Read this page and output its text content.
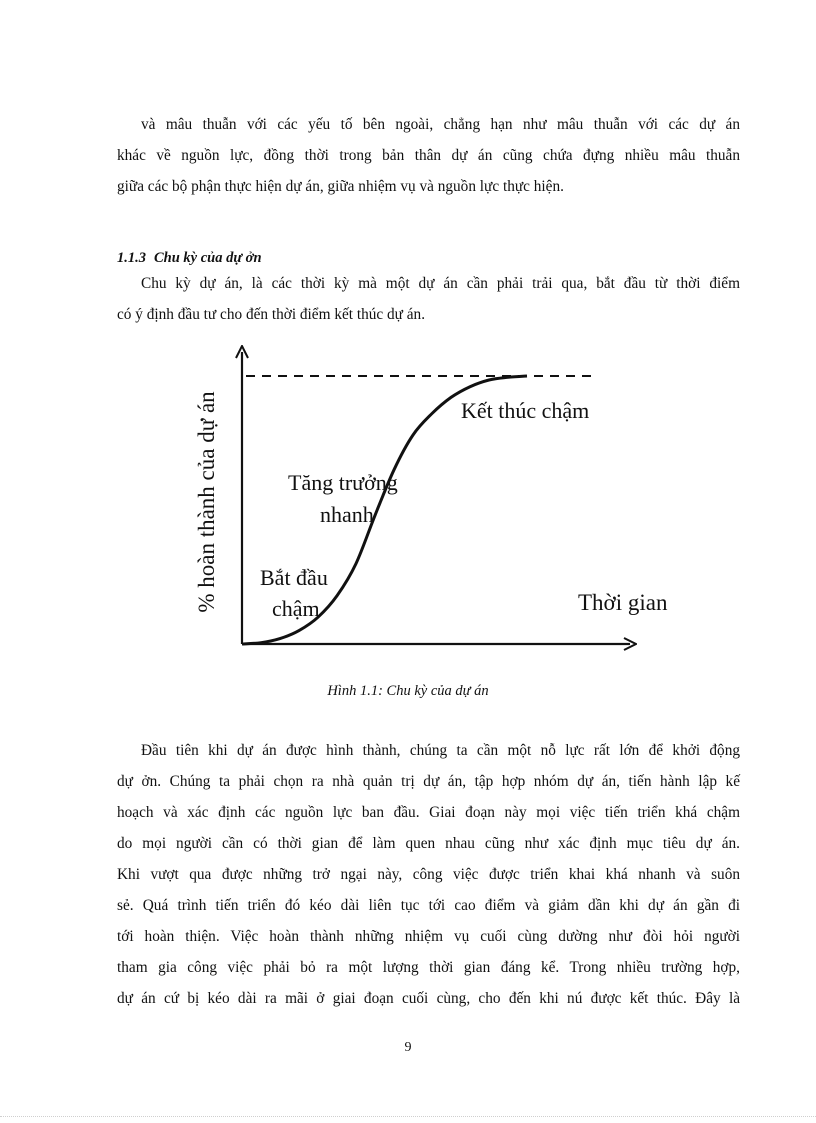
và mâu thuẫn với các yếu tố bên ngoài, chẳng hạn như mâu thuẫn với các dự án
khác về nguồn lực, đồng thời trong bản thân dự án cũng chứa đựng nhiều mâu thuẫn
giữa các bộ phận thực hiện dự án, giữa nhiệm vụ và nguồn lực thực hiện.

1.1.3 Chu kỳ của dự ởn

Chu kỳ dự án, là các thời kỳ mà một dự án cần phải trải qua, bắt đầu từ thời điểm
có ý định đầu tư cho đến thời điểm kết thúc dự án.
% hoàn thành của dự án	Thời gian
Kết thúc chậm
Tăng trưởng
nhanh
Bắt đầu
chậm

Hình 1.1: Chu kỳ của dự án

Đầu tiên khi dự án được hình thành, chúng ta cần một nỗ lực rất lớn để khởi động
dự ởn. Chúng ta phải chọn ra nhà quản trị dự án, tập hợp nhóm dự án, tiến hành lập kế
hoạch và xác định các nguồn lực ban đầu. Giai đoạn này mọi việc tiến triển khá chậm
do mọi người cần có thời gian để làm quen nhau cũng như xác định mục tiêu dự án.
Khi vượt qua được những trở ngại này, công việc được triển khai khá nhanh và suôn
sẻ. Quá trình tiến triển đó kéo dài liên tục tới cao điểm và giảm dần khi dự án gần đi
tới hoàn thiện. Việc hoàn thành những nhiệm vụ cuối cùng dường như đòi hỏi người
tham gia công việc phải bỏ ra một lượng thời gian đáng kể. Trong nhiều trường hợp,
dự án cứ bị kéo dài ra mãi ở giai đoạn cuối cùng, cho đến khi nú được kết thúc. Đây là

9
